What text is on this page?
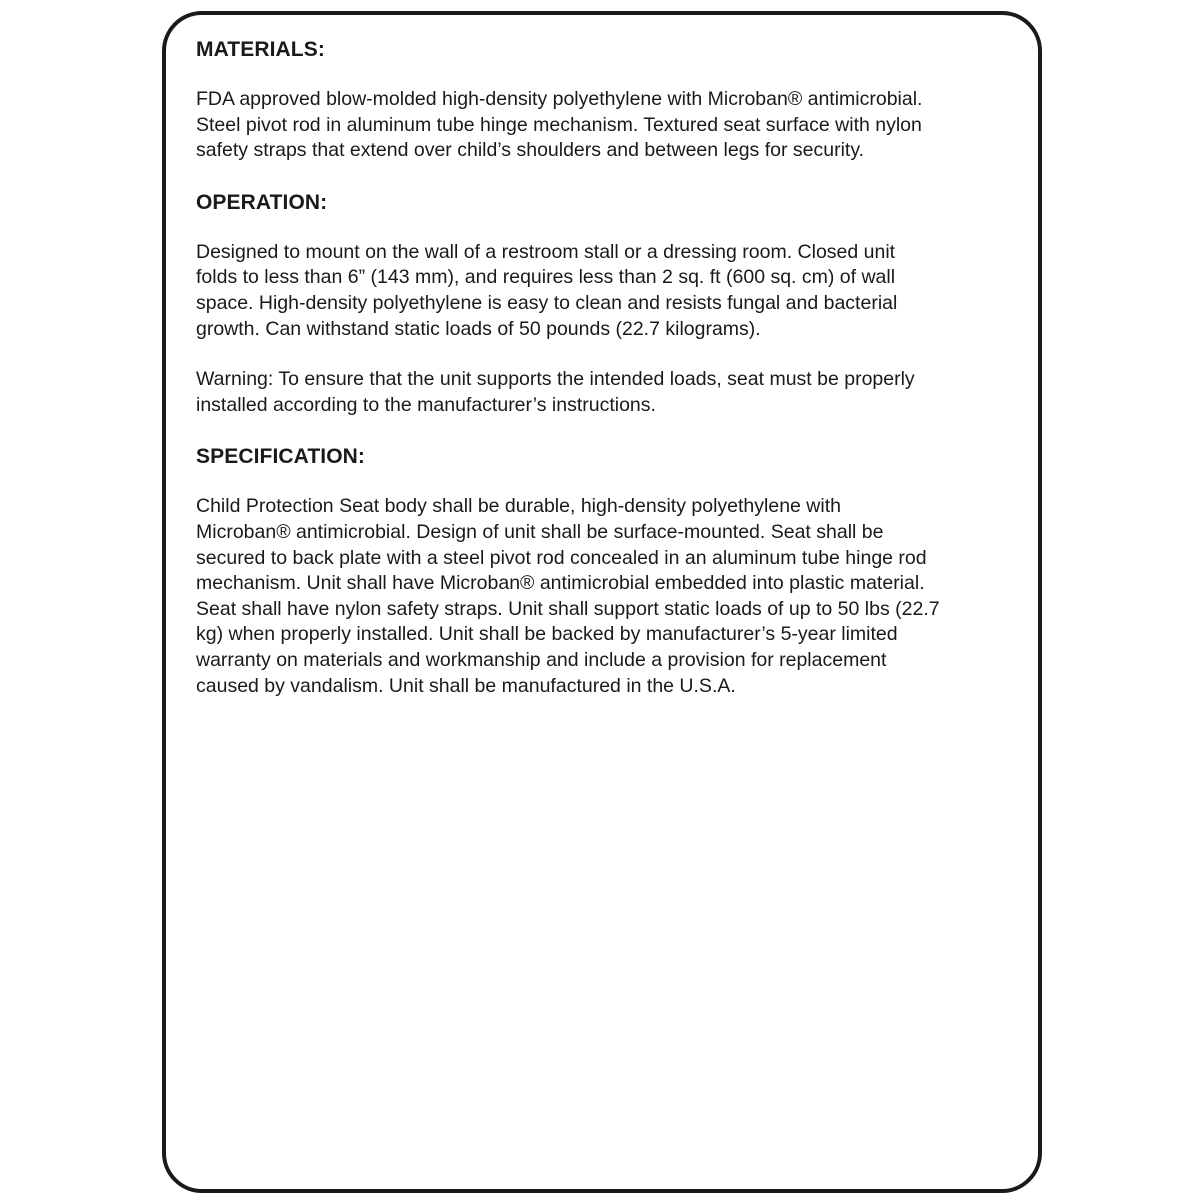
MATERIALS:

FDA approved blow-molded high-density polyethylene with Microban® antimicrobial.
Steel pivot rod in aluminum tube hinge mechanism. Textured seat surface with nylon
safety straps that extend over child’s shoulders and between legs for security.

OPERATION:

Designed to mount on the wall of a restroom stall or a dressing room. Closed unit
folds to less than 6” (143 mm), and requires less than 2 sq. ft (600 sq. cm) of wall
space. High-density polyethylene is easy to clean and resists fungal and bacterial
growth. Can withstand static loads of 50 pounds (22.7 kilograms).

Warning: To ensure that the unit supports the intended loads, seat must be properly
installed according to the manufacturer’s instructions.

SPECIFICATION:

Child Protection Seat body shall be durable, high-density polyethylene with
Microban® antimicrobial. Design of unit shall be surface-mounted. Seat shall be
secured to back plate with a steel pivot rod concealed in an aluminum tube hinge rod
mechanism. Unit shall have Microban® antimicrobial embedded into plastic material.
Seat shall have nylon safety straps. Unit shall support static loads of up to 50 lbs (22.7
kg) when properly installed. Unit shall be backed by manufacturer’s 5-year limited
warranty on materials and workmanship and include a provision for replacement
caused by vandalism. Unit shall be manufactured in the U.S.A.
